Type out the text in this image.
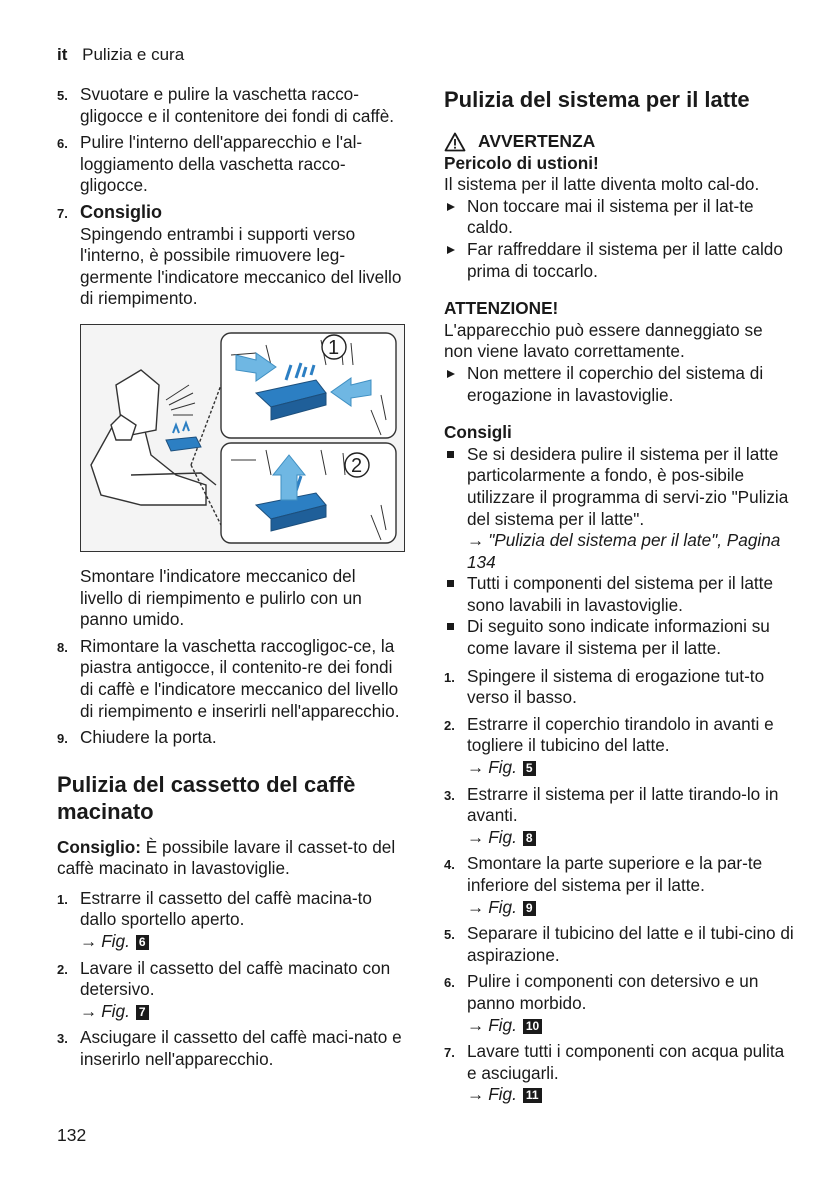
it Pulizia e cura
5. Svuotare e pulire la vaschetta racco-gligocce e il contenitore dei fondi di caffè.
6. Pulire l'interno dell'apparecchio e l'al-loggiamento della vaschetta racco-gligocce.
7. Consiglio
Spingendo entrambi i supporti verso l'interno, è possibile rimuovere leg-germente l'indicatore meccanico del livello di riempimento.
1
2
Smontare l'indicatore meccanico del livello di riempimento e pulirlo con un panno umido.
8. Rimontare la vaschetta raccogligoc-ce, la piastra antigocce, il contenito-re dei fondi di caffè e l'indicatore meccanico del livello di riempimento e inserirli nell'apparecchio.
9. Chiudere la porta.
Pulizia del cassetto del caffè macinato
Consiglio: È possibile lavare il casset-to del caffè macinato in lavastoviglie.
1. Estrarre il cassetto del caffè macina-to dallo sportello aperto.
→ Fig. 6
2. Lavare il cassetto del caffè macinato con detersivo.
→ Fig. 7
3. Asciugare il cassetto del caffè maci-nato e inserirlo nell'apparecchio.
Pulizia del sistema per il latte
AVVERTENZA
Pericolo di ustioni!
Il sistema per il latte diventa molto cal-do.
Non toccare mai il sistema per il lat-te caldo.
Far raffreddare il sistema per il latte caldo prima di toccarlo.
ATTENZIONE!
L'apparecchio può essere danneggiato se non viene lavato correttamente.
Non mettere il coperchio del sistema di erogazione in lavastoviglie.
Consigli
Se si desidera pulire il sistema per il latte particolarmente a fondo, è pos-sibile utilizzare il programma di servi-zio "Pulizia del sistema per il latte".
→ "Pulizia del sistema per il late", Pagina 134
Tutti i componenti del sistema per il latte sono lavabili in lavastoviglie.
Di seguito sono indicate informazioni su come lavare il sistema per il latte.
1. Spingere il sistema di erogazione tut-to verso il basso.
2. Estrarre il coperchio tirandolo in avanti e togliere il tubicino del latte.
→ Fig. 5
3. Estrarre il sistema per il latte tirando-lo in avanti.
→ Fig. 8
4. Smontare la parte superiore e la par-te inferiore del sistema per il latte.
→ Fig. 9
5. Separare il tubicino del latte e il tubi-cino di aspirazione.
6. Pulire i componenti con detersivo e un panno morbido.
→ Fig. 10
7. Lavare tutti i componenti con acqua pulita e asciugarli.
→ Fig. 11
132
